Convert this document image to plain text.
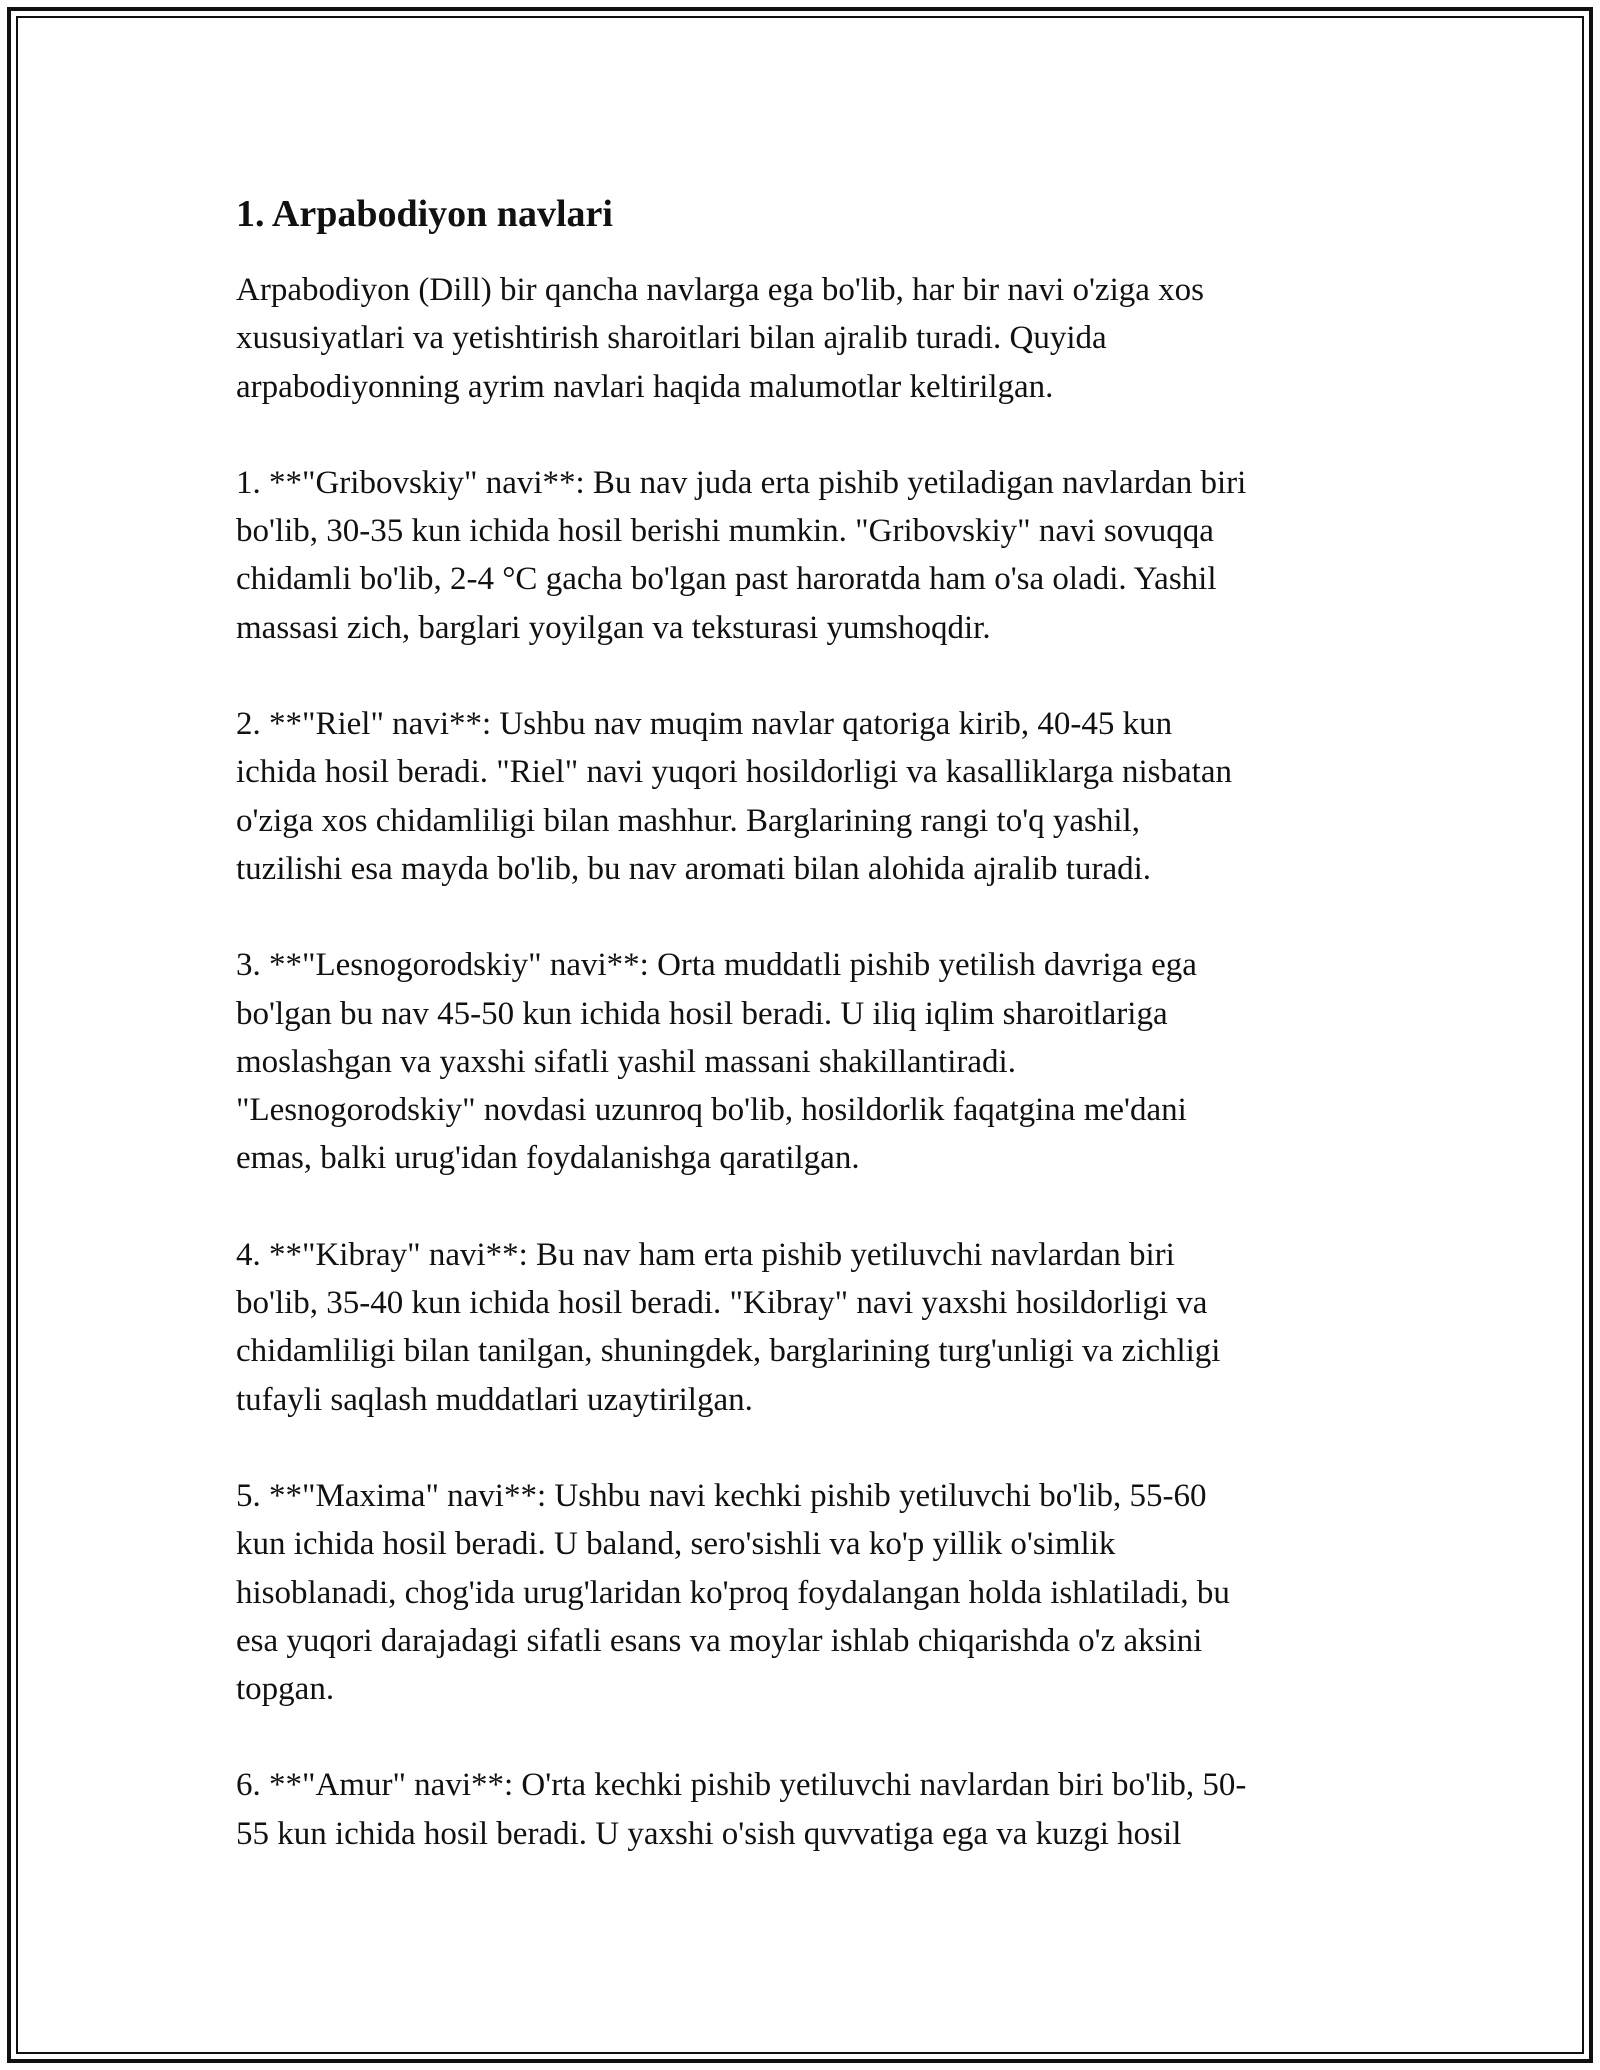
1. Arpabodiyon navlari

Arpabodiyon (Dill) bir qancha navlarga ega bo'lib, har bir navi o'ziga xos
xususiyatlari va yetishtirish sharoitlari bilan ajralib turadi. Quyida
arpabodiyonning ayrim navlari haqida malumotlar keltirilgan.

1. **"Gribovskiy" navi**: Bu nav juda erta pishib yetiladigan navlardan biri
bo'lib, 30-35 kun ichida hosil berishi mumkin. "Gribovskiy" navi sovuqqa
chidamli bo'lib, 2-4 °C gacha bo'lgan past haroratda ham o'sa oladi. Yashil
massasi zich, barglari yoyilgan va teksturasi yumshoqdir.

2. **"Riel" navi**: Ushbu nav muqim navlar qatoriga kirib, 40-45 kun
ichida hosil beradi. "Riel" navi yuqori hosildorligi va kasalliklarga nisbatan
o'ziga xos chidamliligi bilan mashhur. Barglarining rangi to'q yashil,
tuzilishi esa mayda bo'lib, bu nav aromati bilan alohida ajralib turadi.

3. **"Lesnogorodskiy" navi**: Orta muddatli pishib yetilish davriga ega
bo'lgan bu nav 45-50 kun ichida hosil beradi. U iliq iqlim sharoitlariga
moslashgan va yaxshi sifatli yashil massani shakillantiradi.
"Lesnogorodskiy" novdasi uzunroq bo'lib, hosildorlik faqatgina me'dani
emas, balki urug'idan foydalanishga qaratilgan.

4. **"Kibray" navi**: Bu nav ham erta pishib yetiluvchi navlardan biri
bo'lib, 35-40 kun ichida hosil beradi. "Kibray" navi yaxshi hosildorligi va
chidamliligi bilan tanilgan, shuningdek, barglarining turg'unligi va zichligi
tufayli saqlash muddatlari uzaytirilgan.

5. **"Maxima" navi**: Ushbu navi kechki pishib yetiluvchi bo'lib, 55-60
kun ichida hosil beradi. U baland, sero'sishli va ko'p yillik o'simlik
hisoblanadi, chog'ida urug'laridan ko'proq foydalangan holda ishlatiladi, bu
esa yuqori darajadagi sifatli esans va moylar ishlab chiqarishda o'z aksini
topgan.

6. **"Amur" navi**: O'rta kechki pishib yetiluvchi navlardan biri bo'lib, 50-
55 kun ichida hosil beradi. U yaxshi o'sish quvvatiga ega va kuzgi hosil
